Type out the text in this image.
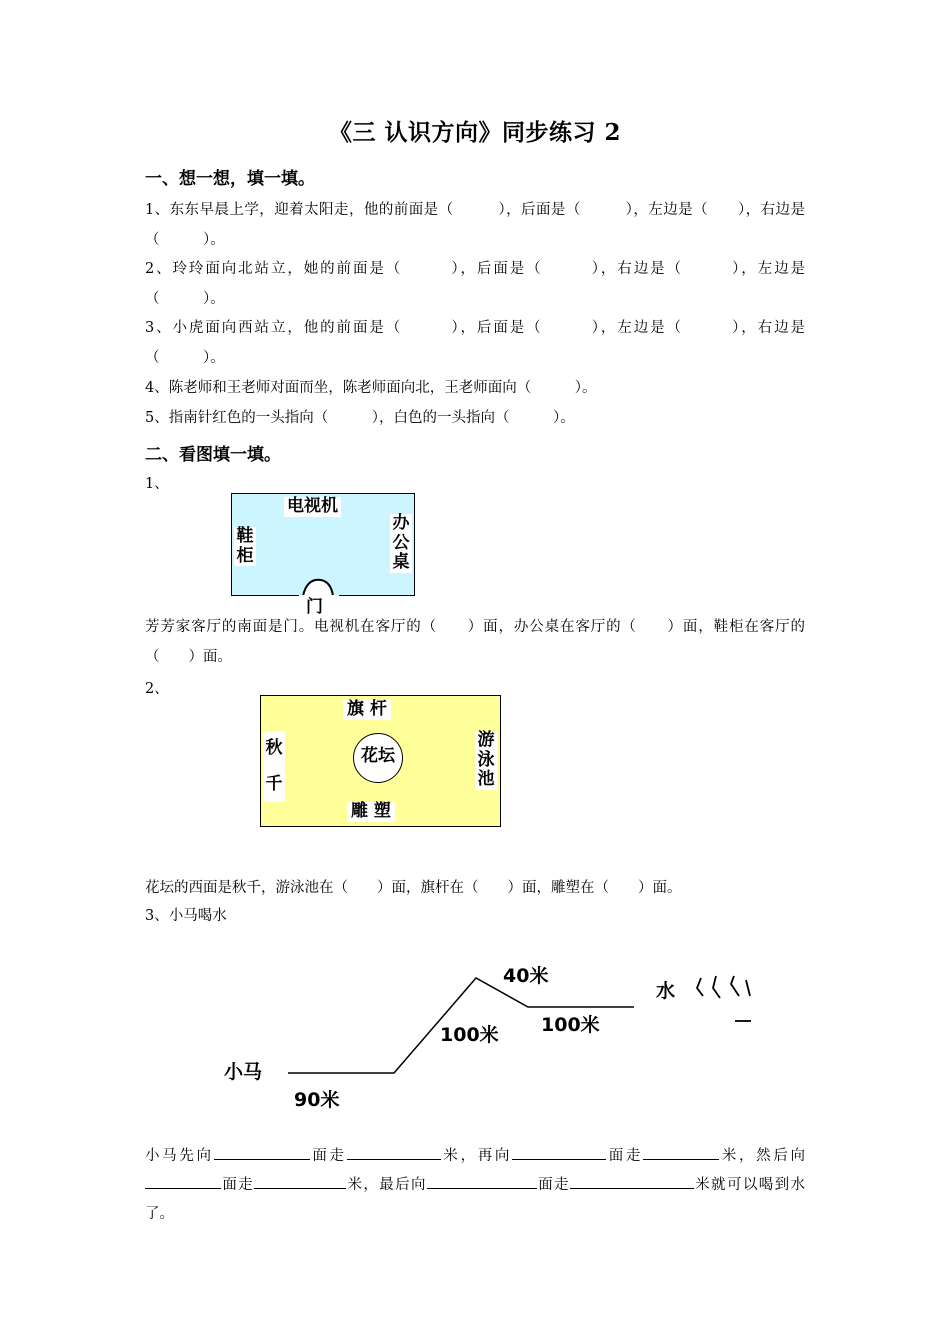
《三 认识方向》同步练习 2
一、想一想，填一填。
1、东东早晨上学，迎着太阳走，他的前面是（　　　），后面是（　　　），左边是（　　），右边是（　　　）。
2、玲玲面向北站立，她的前面是（　　　），后面是（　　　），右边是（　　　），左边是（　　　）。
3、小虎面向西站立，他的前面是（　　　），后面是（　　　），左边是（　　　），右边是（　　　）。
4、陈老师和王老师对面而坐，陈老师面向北，王老师面向（　　　）。
5、指南针红色的一头指向（　　　），白色的一头指向（　　　）。
二、看图填一填。
1、
电视机
鞋柜
办公桌
门
芳芳家客厅的南面是门。电视机在客厅的（　　）面，办公桌在客厅的（　　）面，鞋柜在客厅的（　　）面。
2、
旗 杆
秋千
游泳池
雕 塑
花坛
花坛的西面是秋千，游泳池在（　　）面，旗杆在（　　）面，雕塑在（　　）面。
3、小马喝水
小马
90米
100米
40米
100米
水
小马先向	面走	米，再向	面走	米，然后向面走	米，最后向	面走	米就可以喝到水了。
